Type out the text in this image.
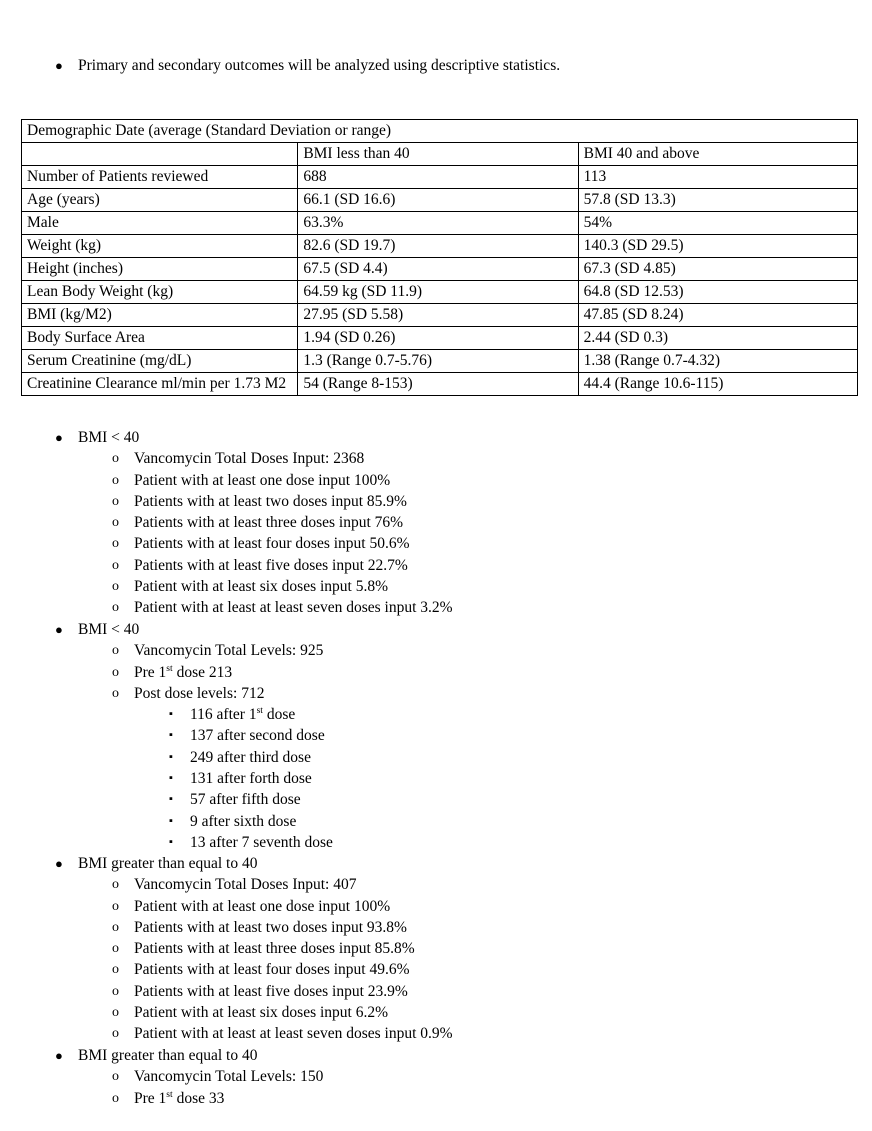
● Primary and secondary outcomes will be analyzed using descriptive statistics.
Demographic Date (average (Standard Deviation or range)		
	BMI less than 40	BMI 40 and above
Number of Patients reviewed	688	113
Age (years)	66.1 (SD 16.6)	57.8 (SD 13.3)
Male	63.3%	54%
Weight (kg)	82.6 (SD 19.7)	140.3 (SD 29.5)
Height (inches)	67.5 (SD 4.4)	67.3 (SD 4.85)
Lean Body Weight (kg)	64.59 kg (SD 11.9)	64.8 (SD 12.53)
BMI (kg/M2)	27.95 (SD 5.58)	47.85 (SD 8.24)
Body Surface Area	1.94 (SD 0.26)	2.44 (SD 0.3)
Serum Creatinine (mg/dL)	1.3 (Range 0.7-5.76)	1.38 (Range 0.7-4.32)
Creatinine Clearance ml/min per 1.73 M2	54 (Range 8-153)	44.4 (Range 10.6-115)
● BMI < 40
o Vancomycin Total Doses Input: 2368
o Patient with at least one dose input 100%
o Patients with at least two doses input 85.9%
o Patients with at least three doses input 76%
o Patients with at least four doses input 50.6%
o Patients with at least five doses input 22.7%
o Patient with at least six doses input 5.8%
o Patient with at least at least seven doses input 3.2%
● BMI < 40
o Vancomycin Total Levels: 925
o Pre 1st dose 213
o Post dose levels: 712
▪ 116 after 1st dose
▪ 137 after second dose
▪ 249 after third dose
▪ 131 after forth dose
▪ 57 after fifth dose
▪ 9 after sixth dose
▪ 13 after 7 seventh dose
● BMI greater than equal to 40
o Vancomycin Total Doses Input: 407
o Patient with at least one dose input 100%
o Patients with at least two doses input 93.8%
o Patients with at least three doses input 85.8%
o Patients with at least four doses input 49.6%
o Patients with at least five doses input 23.9%
o Patient with at least six doses input 6.2%
o Patient with at least at least seven doses input 0.9%
● BMI greater than equal to 40
o Vancomycin Total Levels: 150
o Pre 1st dose 33
